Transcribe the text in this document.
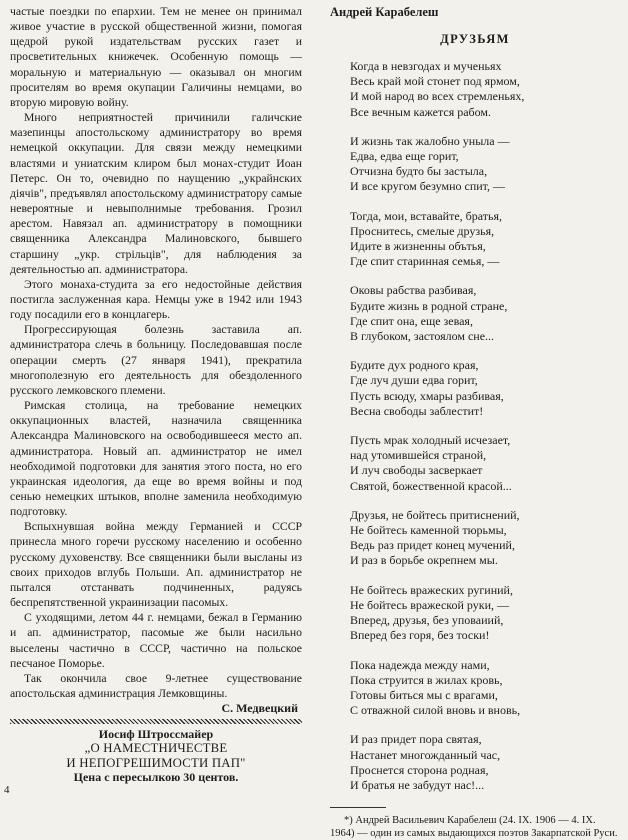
частые поездки по епархии. Тем не менее он принимал живое участие в русской общественной жизни, помогая щедрой рукой издательствам русских газет и просветительных книжечек. Особенную помощь — моральную и материальную — оказывал он многим просителям во время окупации Галичины немцами, во вторую мировую войну.

Много неприятностей причинили галичские мазепинцы апостольскому администратору во время немецкой оккупации. Для связи между немецкими властями и униатским клиром был монах-студит Иоан Петерс. Он то, очевидно по наущению „украйнских діячів", предъявлял апостольскому администратору самые невероятные и невыполнимые требования. Грозил арестом. Навязал ап. администратору в помощники священника Александра Малиновского, бывшего старшину „укр. стрільців", для наблюдения за деятельностью ап. администратора.

Этого монаха-студита за его недостойные действия постигла заслуженная кара. Немцы уже в 1942 или 1943 году посадили его в концлагерь.

Прогрессирующая болезнь заставила ап. администратора слечь в больницу. Последовавшая после операции смерть (27 января 1941), прекратила многополезную его деятельность для обездоленного русского лемковского племени.

Римская столица, на требование немецких оккупационных властей, назначила священника Александра Малиновского на освободившееся место ап. администратора. Новый ап. администратор не имел необходимой подготовки для занятия этого поста, но его украинская идеология, да еще во время войны и под сенью немецких штыков, вполне заменила необходимую подготовку.

Вспыхнувшая война между Германией и СССР принесла много горечи русскому населению и особенно русскому духовенству. Все священники были высланы из своих приходов вглубь Польши. Ап. администратор не пытался отстанвать подчиненных, радуясь беспрепятственной украинизации пасомых.

С уходящими, летом 44 г. немцами, бежал в Германию и ап. администратор, пасомые же были насильно выселены частично в СССР, частично на польское песчаное Поморье.

Так окончила свое 9-летнее существование апостольская администрация Лемковщины.

С. Медвецкий
Иосиф Штроссмайер
„О НАМЕСТНИЧЕСТВЕ
И НЕПОГРЕШИМОСТИ ПАП"
Цена с пересылкою 30 центов.
4
Андрей Карабелеш
ДРУЗЬЯМ
Когда в невзгодах и мученьях
Весь край мой стонет под ярмом,
И мой народ во всех стремленьях,
Все вечным кажется рабом.
И жизнь так жалобно уныла —
Едва, едва еще горит,
Отчизна будто бы застыла,
И все кругом безумно спит, —
Тогда, мои, вставайте, братья,
Проснитесь, смелые друзья,
Идите в жизненны обътья,
Где спит старинная семья, —
Оковы рабства разбивая,
Будите жизнь в родной стране,
Где спит она, еще зевая,
В глубоком, застоялом сне...
Будите дух родного края,
Где луч души едва горит,
Пусть всюду, хмары разбивая,
Весна свободы заблестит!
Пусть мрак холодный исчезает,
над утомившейся страной,
И луч свободы засверкает
Святой, божественной красой...
Друзья, не бойтесь притиснений,
Не бойтесь каменной тюрьмы,
Ведь раз придет конец мучений,
И раз в борьбе окрепнем мы.
Не бойтесь вражеских ругиний,
Не бойтесь вражеской руки, —
Вперед, друзья, без уповаиий,
Вперед без горя, без тоски!
Пока надежда между нами,
Пока струится в жилах кровь,
Готовы биться мы с врагами,
С отважной силой вновь и вновь,
И раз придет пора святая,
Настанет многожданный час,
Проснется сторона родная,
И братья не забудут нас!...

*) Андрей Васильевич Карабелеш (24. IX. 1906 — 4. IX. 1964) — один из самых выдающихся поэтов Закарпатской Руси.
